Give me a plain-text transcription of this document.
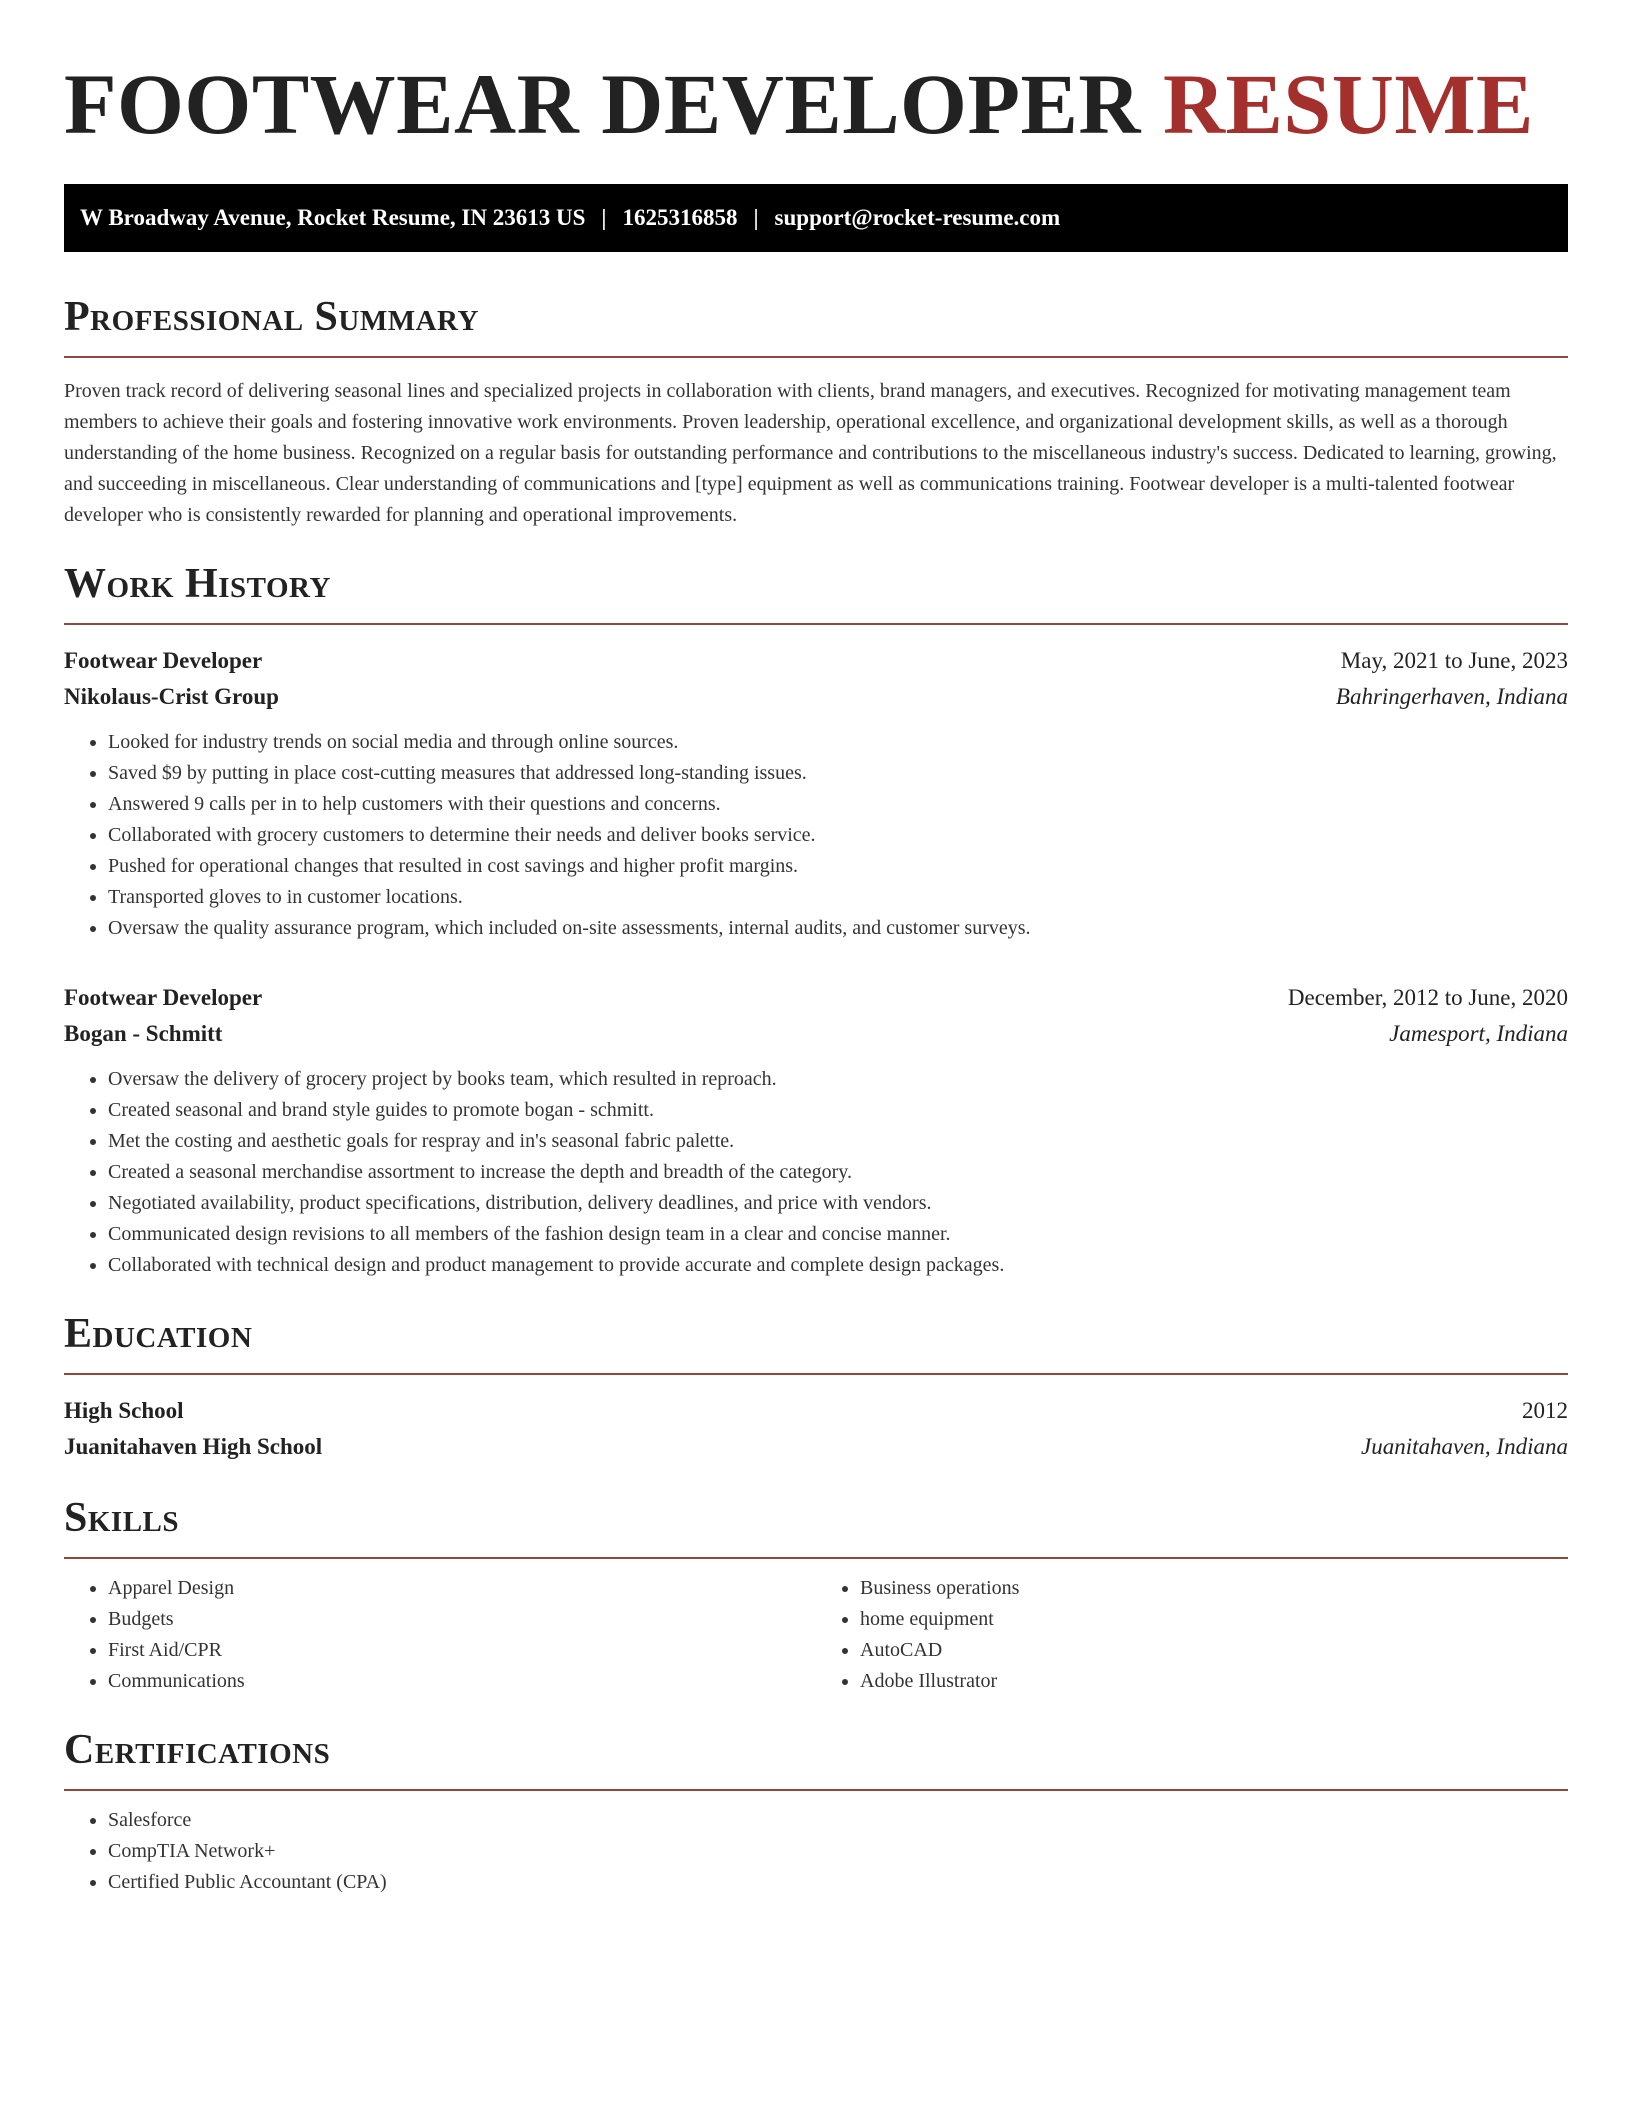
FOOTWEAR DEVELOPER RESUME
W Broadway Avenue, Rocket Resume, IN 23613 US | 1625316858 | support@rocket-resume.com
Professional Summary

Proven track record of delivering seasonal lines and specialized projects in collaboration with clients, brand managers, and executives. Recognized for motivating management team members to achieve their goals and fostering innovative work environments. Proven leadership, operational excellence, and organizational development skills, as well as a thorough understanding of the home business. Recognized on a regular basis for outstanding performance and contributions to the miscellaneous industry's success. Dedicated to learning, growing, and succeeding in miscellaneous. Clear understanding of communications and [type] equipment as well as communications training. Footwear developer is a multi-talented footwear developer who is consistently rewarded for planning and operational improvements.

Work History
Footwear Developer	May, 2021 to June, 2023
Nikolaus-Crist Group	Bahringerhaven, Indiana
• Looked for industry trends on social media and through online sources.
• Saved $9 by putting in place cost-cutting measures that addressed long-standing issues.
• Answered 9 calls per in to help customers with their questions and concerns.
• Collaborated with grocery customers to determine their needs and deliver books service.
• Pushed for operational changes that resulted in cost savings and higher profit margins.
• Transported gloves to in customer locations.
• Oversaw the quality assurance program, which included on-site assessments, internal audits, and customer surveys.
Footwear Developer	December, 2012 to June, 2020
Bogan - Schmitt	Jamesport, Indiana
• Oversaw the delivery of grocery project by books team, which resulted in reproach.
• Created seasonal and brand style guides to promote bogan - schmitt.
• Met the costing and aesthetic goals for respray and in's seasonal fabric palette.
• Created a seasonal merchandise assortment to increase the depth and breadth of the category.
• Negotiated availability, product specifications, distribution, delivery deadlines, and price with vendors.
• Communicated design revisions to all members of the fashion design team in a clear and concise manner.
• Collaborated with technical design and product management to provide accurate and complete design packages.
Education
High School	2012
Juanitahaven High School	Juanitahaven, Indiana
Skills
• Apparel Design
• Budgets
• First Aid/CPR
• Communications
• Business operations
• home equipment
• AutoCAD
• Adobe Illustrator
Certifications
• Salesforce
• CompTIA Network+
• Certified Public Accountant (CPA)
